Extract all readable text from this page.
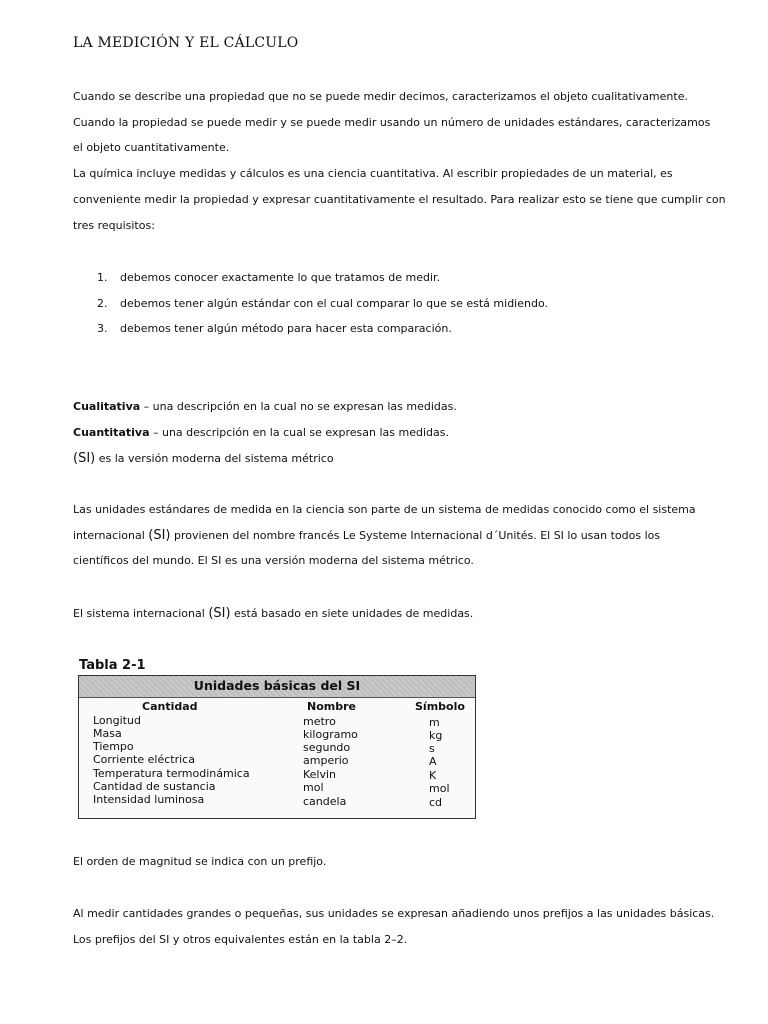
LA MEDICIÓN Y EL CÁLCULO
Cuando se describe una propiedad que no se puede medir decimos, caracterizamos el objeto cualitativamente.
Cuando la propiedad se puede medir y se puede medir usando un número de unidades estándares, caracterizamos
el objeto cuantitativamente.
La química incluye medidas y cálculos es una ciencia cuantitativa. Al escribir propiedades de un material, es
conveniente medir la propiedad y expresar cuantitativamente el resultado. Para realizar esto se tiene que cumplir con
tres requisitos:
1. debemos conocer exactamente lo que tratamos de medir.
2. debemos tener algún estándar con el cual comparar lo que se está midiendo.
3. debemos tener algún método para hacer esta comparación.
Cualitativa – una descripción en la cual no se expresan las medidas.
Cuantitativa – una descripción en la cual se expresan las medidas.
(SI) es la versión moderna del sistema métrico
Las unidades estándares de medida en la ciencia son parte de un sistema de medidas conocido como el sistema
internacional (SI) provienen del nombre francés Le Systeme Internacional d´Unités. El SI lo usan todos los
científicos del mundo. El SI es una versión moderna del sistema métrico.
El sistema internacional (SI) está basado en siete unidades de medidas.
Tabla 2-1
Unidades básicas del SI
Cantidad	Nombre	Símbolo
Longitud	metro	m
Masa	kilogramo	kg
Tiempo	segundo	s
Corriente eléctrica	amperio	A
Temperatura termodinámica	Kelvin	K
Cantidad de sustancia	mol	mol
Intensidad luminosa	candela	cd
El orden de magnitud se indica con un prefijo.
Al medir cantidades grandes o pequeñas, sus unidades se expresan añadiendo unos prefijos a las unidades básicas.
Los prefijos del SI y otros equivalentes están en la tabla 2–2.
